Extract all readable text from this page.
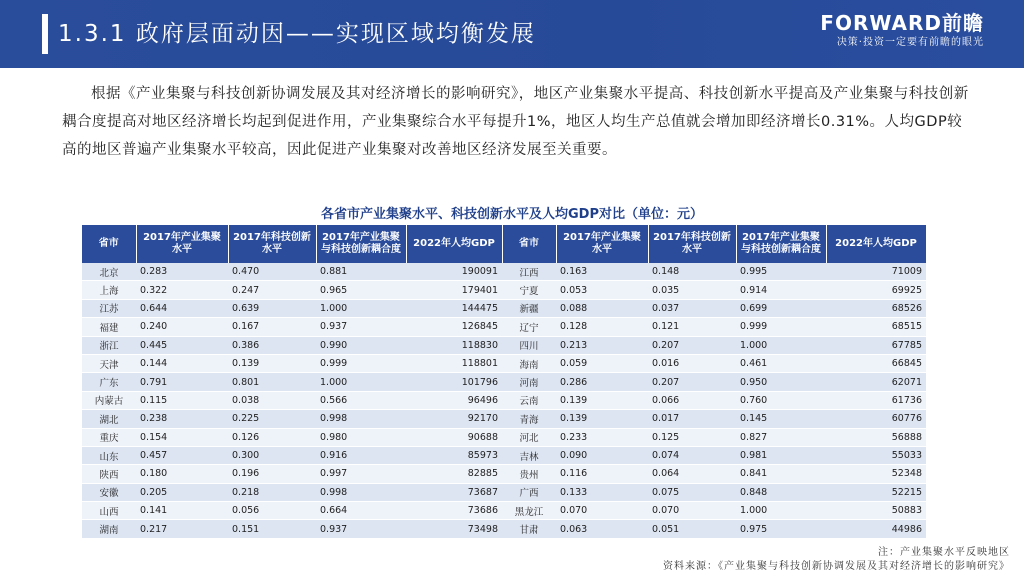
1.3.1 政府层面动因——实现区域均衡发展	FORWARD前瞻
决策·投资一定要有前瞻的眼光

根据《产业集聚与科技创新协调发展及其对经济增长的影响研究》，地区产业集聚水平提高、科技创新水平提高及产业集聚与科技创新耦合度提高对地区经济增长均起到促进作用，产业集聚综合水平每提升1%，地区人均生产总值就会增加即经济增长0.31%。人均GDP较高的地区普遍产业集聚水平较高，因此促进产业集聚对改善地区经济发展至关重要。

各省市产业集聚水平、科技创新水平及人均GDP对比（单位：元）
省市	2017年产业集聚水平	2017年科技创新水平	2017年产业集聚与科技创新耦合度	2022年人均GDP	省市	2017年产业集聚水平	2017年科技创新水平	2017年产业集聚与科技创新耦合度	2022年人均GDP
北京	0.283	0.470	0.881	190091	江西	0.163	0.148	0.995	71009
上海	0.322	0.247	0.965	179401	宁夏	0.053	0.035	0.914	69925
江苏	0.644	0.639	1.000	144475	新疆	0.088	0.037	0.699	68526
福建	0.240	0.167	0.937	126845	辽宁	0.128	0.121	0.999	68515
浙江	0.445	0.386	0.990	118830	四川	0.213	0.207	1.000	67785
天津	0.144	0.139	0.999	118801	海南	0.059	0.016	0.461	66845
广东	0.791	0.801	1.000	101796	河南	0.286	0.207	0.950	62071
内蒙古	0.115	0.038	0.566	96496	云南	0.139	0.066	0.760	61736
湖北	0.238	0.225	0.998	92170	青海	0.139	0.017	0.145	60776
重庆	0.154	0.126	0.980	90688	河北	0.233	0.125	0.827	56888
山东	0.457	0.300	0.916	85973	吉林	0.090	0.074	0.981	55033
陕西	0.180	0.196	0.997	82885	贵州	0.116	0.064	0.841	52348
安徽	0.205	0.218	0.998	73687	广西	0.133	0.075	0.848	52215
山西	0.141	0.056	0.664	73686	黑龙江	0.070	0.070	1.000	50883
湖南	0.217	0.151	0.937	73498	甘肃	0.063	0.051	0.975	44986
注：产业集聚水平反映地区
资料来源：《产业集聚与科技创新协调发展及其对经济增长的影响研究》
